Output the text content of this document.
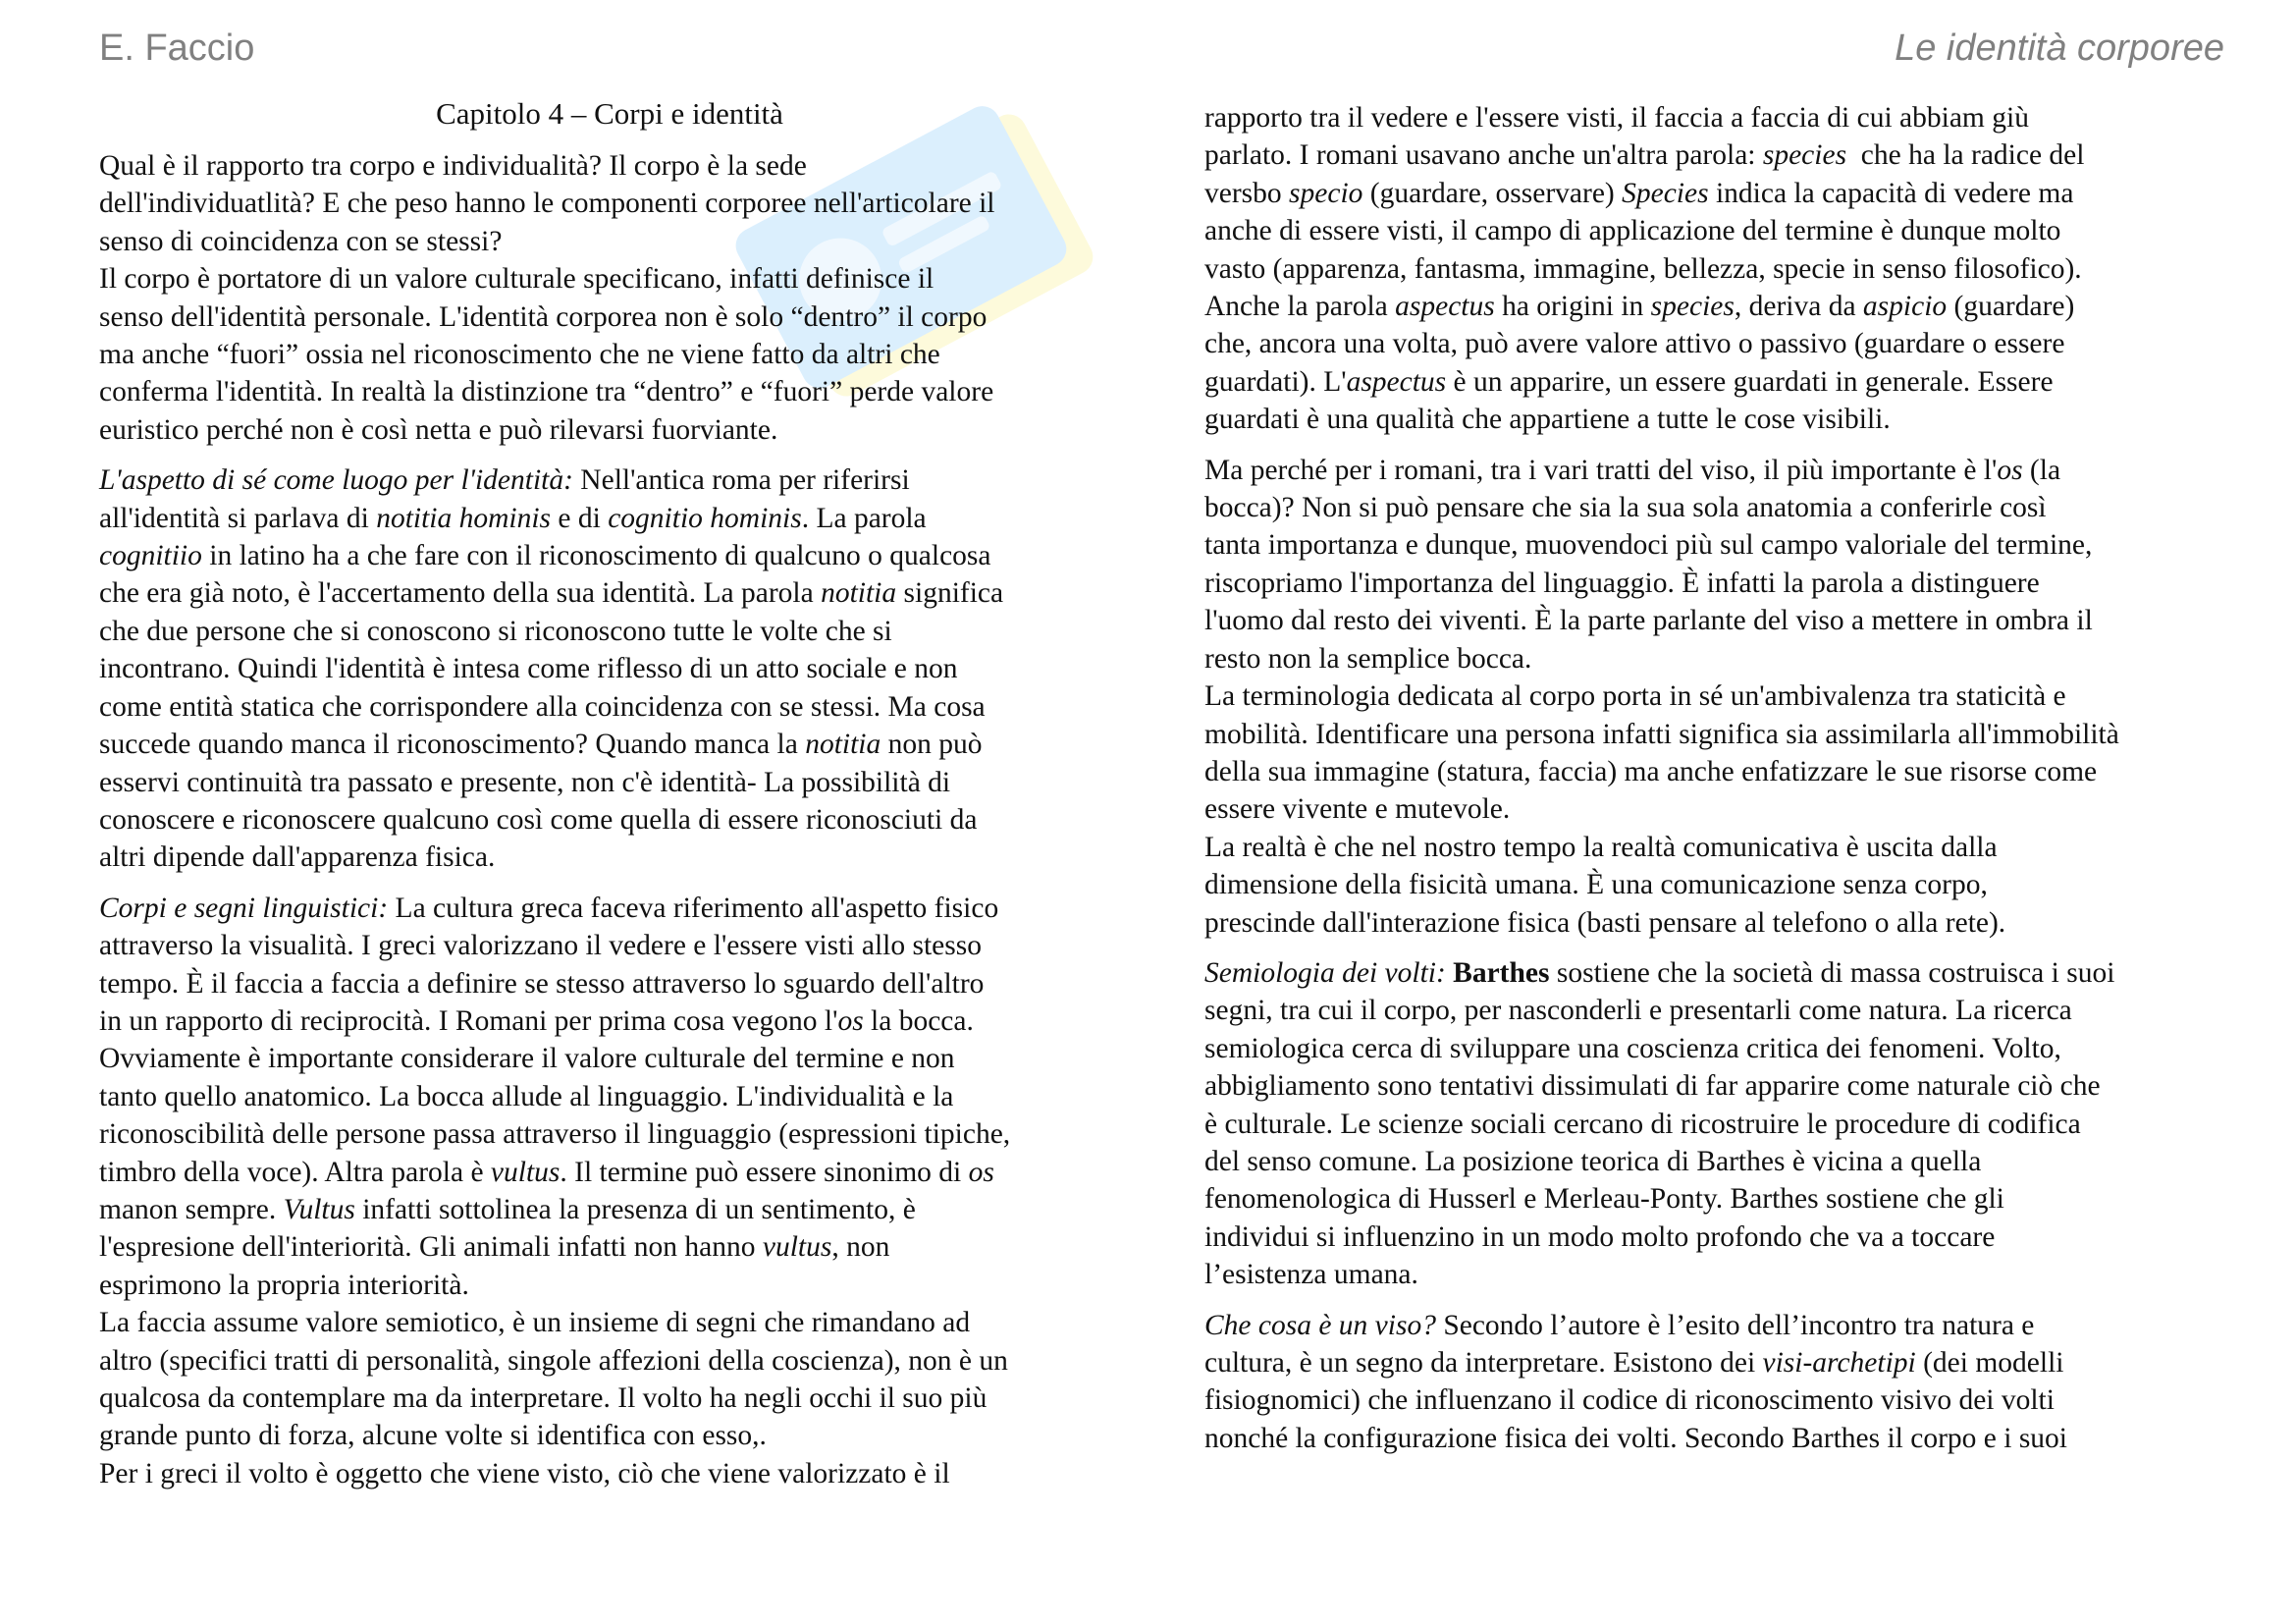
E. Faccio	Le identità corporee
Capitolo 4 – Corpi e identità

Qual è il rapporto tra corpo e individualità? Il corpo è la sede
dell'individuatlità? E che peso hanno le componenti corporee nell'articolare il
senso di coincidenza con se stessi?
Il corpo è portatore di un valore culturale specificano, infatti definisce il
senso dell'identità personale. L'identità corporea non è solo “dentro” il corpo
ma anche “fuori” ossia nel riconoscimento che ne viene fatto da altri che
conferma l'identità. In realtà la distinzione tra “dentro” e “fuori” perde valore
euristico perché non è così netta e può rilevarsi fuorviante.

L'aspetto di sé come luogo per l'identità: Nell'antica roma per riferirsi
all'identità si parlava di notitia hominis e di cognitio hominis. La parola
cognitiio in latino ha a che fare con il riconoscimento di qualcuno o qualcosa
che era già noto, è l'accertamento della sua identità. La parola notitia significa
che due persone che si conoscono si riconoscono tutte le volte che si
incontrano. Quindi l'identità è intesa come riflesso di un atto sociale e non
come entità statica che corrispondere alla coincidenza con se stessi. Ma cosa
succede quando manca il riconoscimento? Quando manca la notitia non può
esservi continuità tra passato e presente, non c'è identità- La possibilità di
conoscere e riconoscere qualcuno così come quella di essere riconosciuti da
altri dipende dall'apparenza fisica.

Corpi e segni linguistici: La cultura greca faceva riferimento all'aspetto fisico
attraverso la visualità. I greci valorizzano il vedere e l'essere visti allo stesso
tempo. È il faccia a faccia a definire se stesso attraverso lo sguardo dell'altro
in un rapporto di reciprocità. I Romani per prima cosa vegono l'os la bocca.
Ovviamente è importante considerare il valore culturale del termine e non
tanto quello anatomico. La bocca allude al linguaggio. L'individualità e la
riconoscibilità delle persone passa attraverso il linguaggio (espressioni tipiche,
timbro della voce). Altra parola è vultus. Il termine può essere sinonimo di os
manon sempre. Vultus infatti sottolinea la presenza di un sentimento, è
l'espresione dell'interiorità. Gli animali infatti non hanno vultus, non
esprimono la propria interiorità.
La faccia assume valore semiotico, è un insieme di segni che rimandano ad
altro (specifici tratti di personalità, singole affezioni della coscienza), non è un
qualcosa da contemplare ma da interpretare. Il volto ha negli occhi il suo più
grande punto di forza, alcune volte si identifica con esso,.
Per i greci il volto è oggetto che viene visto, ciò che viene valorizzato è il

rapporto tra il vedere e l'essere visti, il faccia a faccia di cui abbiam giù
parlato. I romani usavano anche un'altra parola: species  che ha la radice del
versbo specio (guardare, osservare) Species indica la capacità di vedere ma
anche di essere visti, il campo di applicazione del termine è dunque molto
vasto (apparenza, fantasma, immagine, bellezza, specie in senso filosofico).
Anche la parola aspectus ha origini in species, deriva da aspicio (guardare)
che, ancora una volta, può avere valore attivo o passivo (guardare o essere
guardati). L'aspectus è un apparire, un essere guardati in generale. Essere
guardati è una qualità che appartiene a tutte le cose visibili.

Ma perché per i romani, tra i vari tratti del viso, il più importante è l'os (la
bocca)? Non si può pensare che sia la sua sola anatomia a conferirle così
tanta importanza e dunque, muovendoci più sul campo valoriale del termine,
riscopriamo l'importanza del linguaggio. È infatti la parola a distinguere
l'uomo dal resto dei viventi. È la parte parlante del viso a mettere in ombra il
resto non la semplice bocca.
La terminologia dedicata al corpo porta in sé un'ambivalenza tra staticità e
mobilità. Identificare una persona infatti significa sia assimilarla all'immobilità
della sua immagine (statura, faccia) ma anche enfatizzare le sue risorse come
essere vivente e mutevole.
La realtà è che nel nostro tempo la realtà comunicativa è uscita dalla
dimensione della fisicità umana. È una comunicazione senza corpo,
prescinde dall'interazione fisica (basti pensare al telefono o alla rete).

Semiologia dei volti: Barthes sostiene che la società di massa costruisca i suoi
segni, tra cui il corpo, per nasconderli e presentarli come natura. La ricerca
semiologica cerca di sviluppare una coscienza critica dei fenomeni. Volto,
abbigliamento sono tentativi dissimulati di far apparire come naturale ciò che
è culturale. Le scienze sociali cercano di ricostruire le procedure di codifica
del senso comune. La posizione teorica di Barthes è vicina a quella
fenomenologica di Husserl e Merleau-Ponty. Barthes sostiene che gli
individui si influenzino in un modo molto profondo che va a toccare
l’esistenza umana.

Che cosa è un viso? Secondo l’autore è l’esito dell’incontro tra natura e
cultura, è un segno da interpretare. Esistono dei visi-archetipi (dei modelli
fisiognomici) che influenzano il codice di riconoscimento visivo dei volti
nonché la configurazione fisica dei volti. Secondo Barthes il corpo e i suoi
